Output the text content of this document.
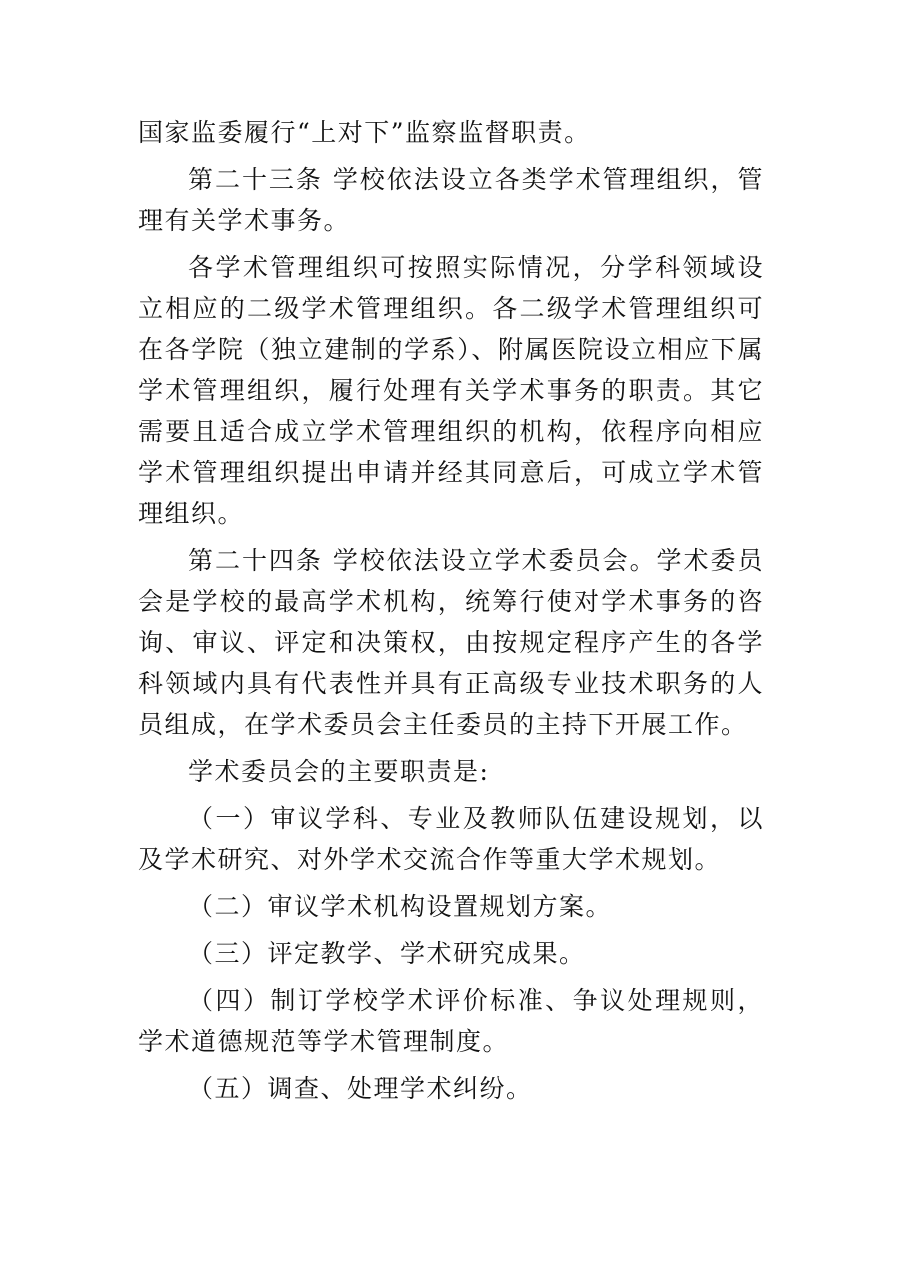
国家监委履行“上对下”监察监督职责。

第二十三条 学校依法设立各类学术管理组织，管理有关学术事务。

各学术管理组织可按照实际情况，分学科领域设立相应的二级学术管理组织。各二级学术管理组织可在各学院（独立建制的学系）、附属医院设立相应下属学术管理组织，履行处理有关学术事务的职责。其它需要且适合成立学术管理组织的机构，依程序向相应学术管理组织提出申请并经其同意后，可成立学术管理组织。

第二十四条 学校依法设立学术委员会。学术委员会是学校的最高学术机构，统筹行使对学术事务的咨询、审议、评定和决策权，由按规定程序产生的各学科领域内具有代表性并具有正高级专业技术职务的人员组成，在学术委员会主任委员的主持下开展工作。

学术委员会的主要职责是:

（一）审议学科、专业及教师队伍建设规划，以及学术研究、对外学术交流合作等重大学术规划。

（二）审议学术机构设置规划方案。

（三）评定教学、学术研究成果。

（四）制订学校学术评价标准、争议处理规则，学术道德规范等学术管理制度。

（五）调查、处理学术纠纷。
